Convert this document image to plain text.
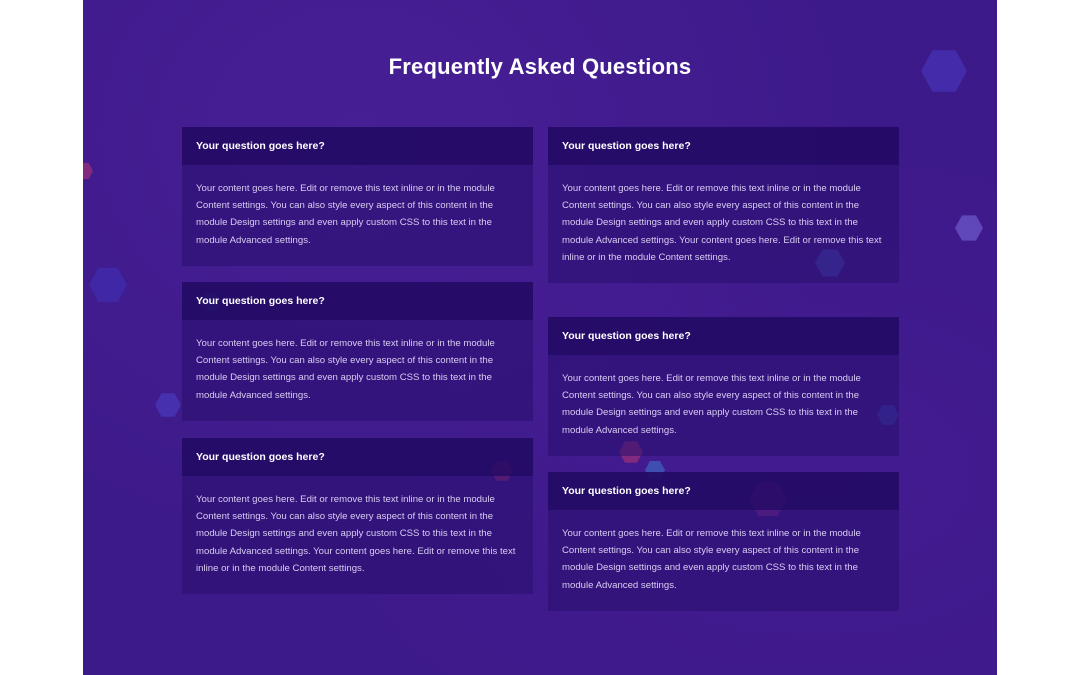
Frequently Asked Questions
Your question goes here?
Your content goes here. Edit or remove this text inline or in the module Content settings. You can also style every aspect of this content in the module Design settings and even apply custom CSS to this text in the module Advanced settings.
Your question goes here?
Your content goes here. Edit or remove this text inline or in the module Content settings. You can also style every aspect of this content in the module Design settings and even apply custom CSS to this text in the module Advanced settings.
Your question goes here?
Your content goes here. Edit or remove this text inline or in the module Content settings. You can also style every aspect of this content in the module Design settings and even apply custom CSS to this text in the module Advanced settings. Your content goes here. Edit or remove this text inline or in the module Content settings.
Your question goes here?
Your content goes here. Edit or remove this text inline or in the module Content settings. You can also style every aspect of this content in the module Design settings and even apply custom CSS to this text in the module Advanced settings. Your content goes here. Edit or remove this text inline or in the module Content settings.
Your question goes here?
Your content goes here. Edit or remove this text inline or in the module Content settings. You can also style every aspect of this content in the module Design settings and even apply custom CSS to this text in the module Advanced settings.
Your question goes here?
Your content goes here. Edit or remove this text inline or in the module Content settings. You can also style every aspect of this content in the module Design settings and even apply custom CSS to this text in the module Advanced settings.
